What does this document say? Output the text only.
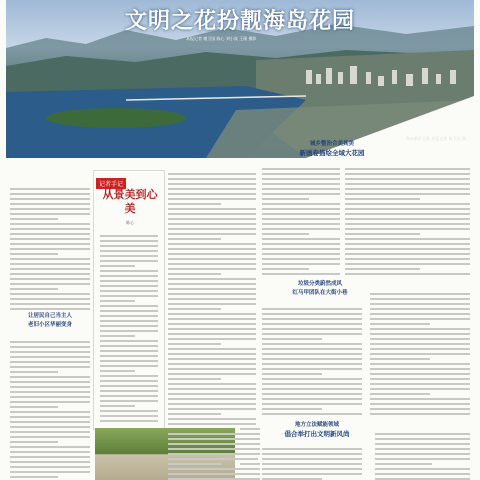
文明之花扮靓海岛花园
本报记者 谢卫国 陈心 刘小岚 王刚 摄影
海岛新区全景 本报记者 杨卫国 摄
城乡整治合美其美
新画卷描绘全域大花园
记者手记
从景美到心美
陈心
让居民自己当主人
老旧小区华丽变身
垃圾分类蔚然成风
红马甲团队在大街小巷
地方立法赋能领域
倡合举打出文明新风尚
